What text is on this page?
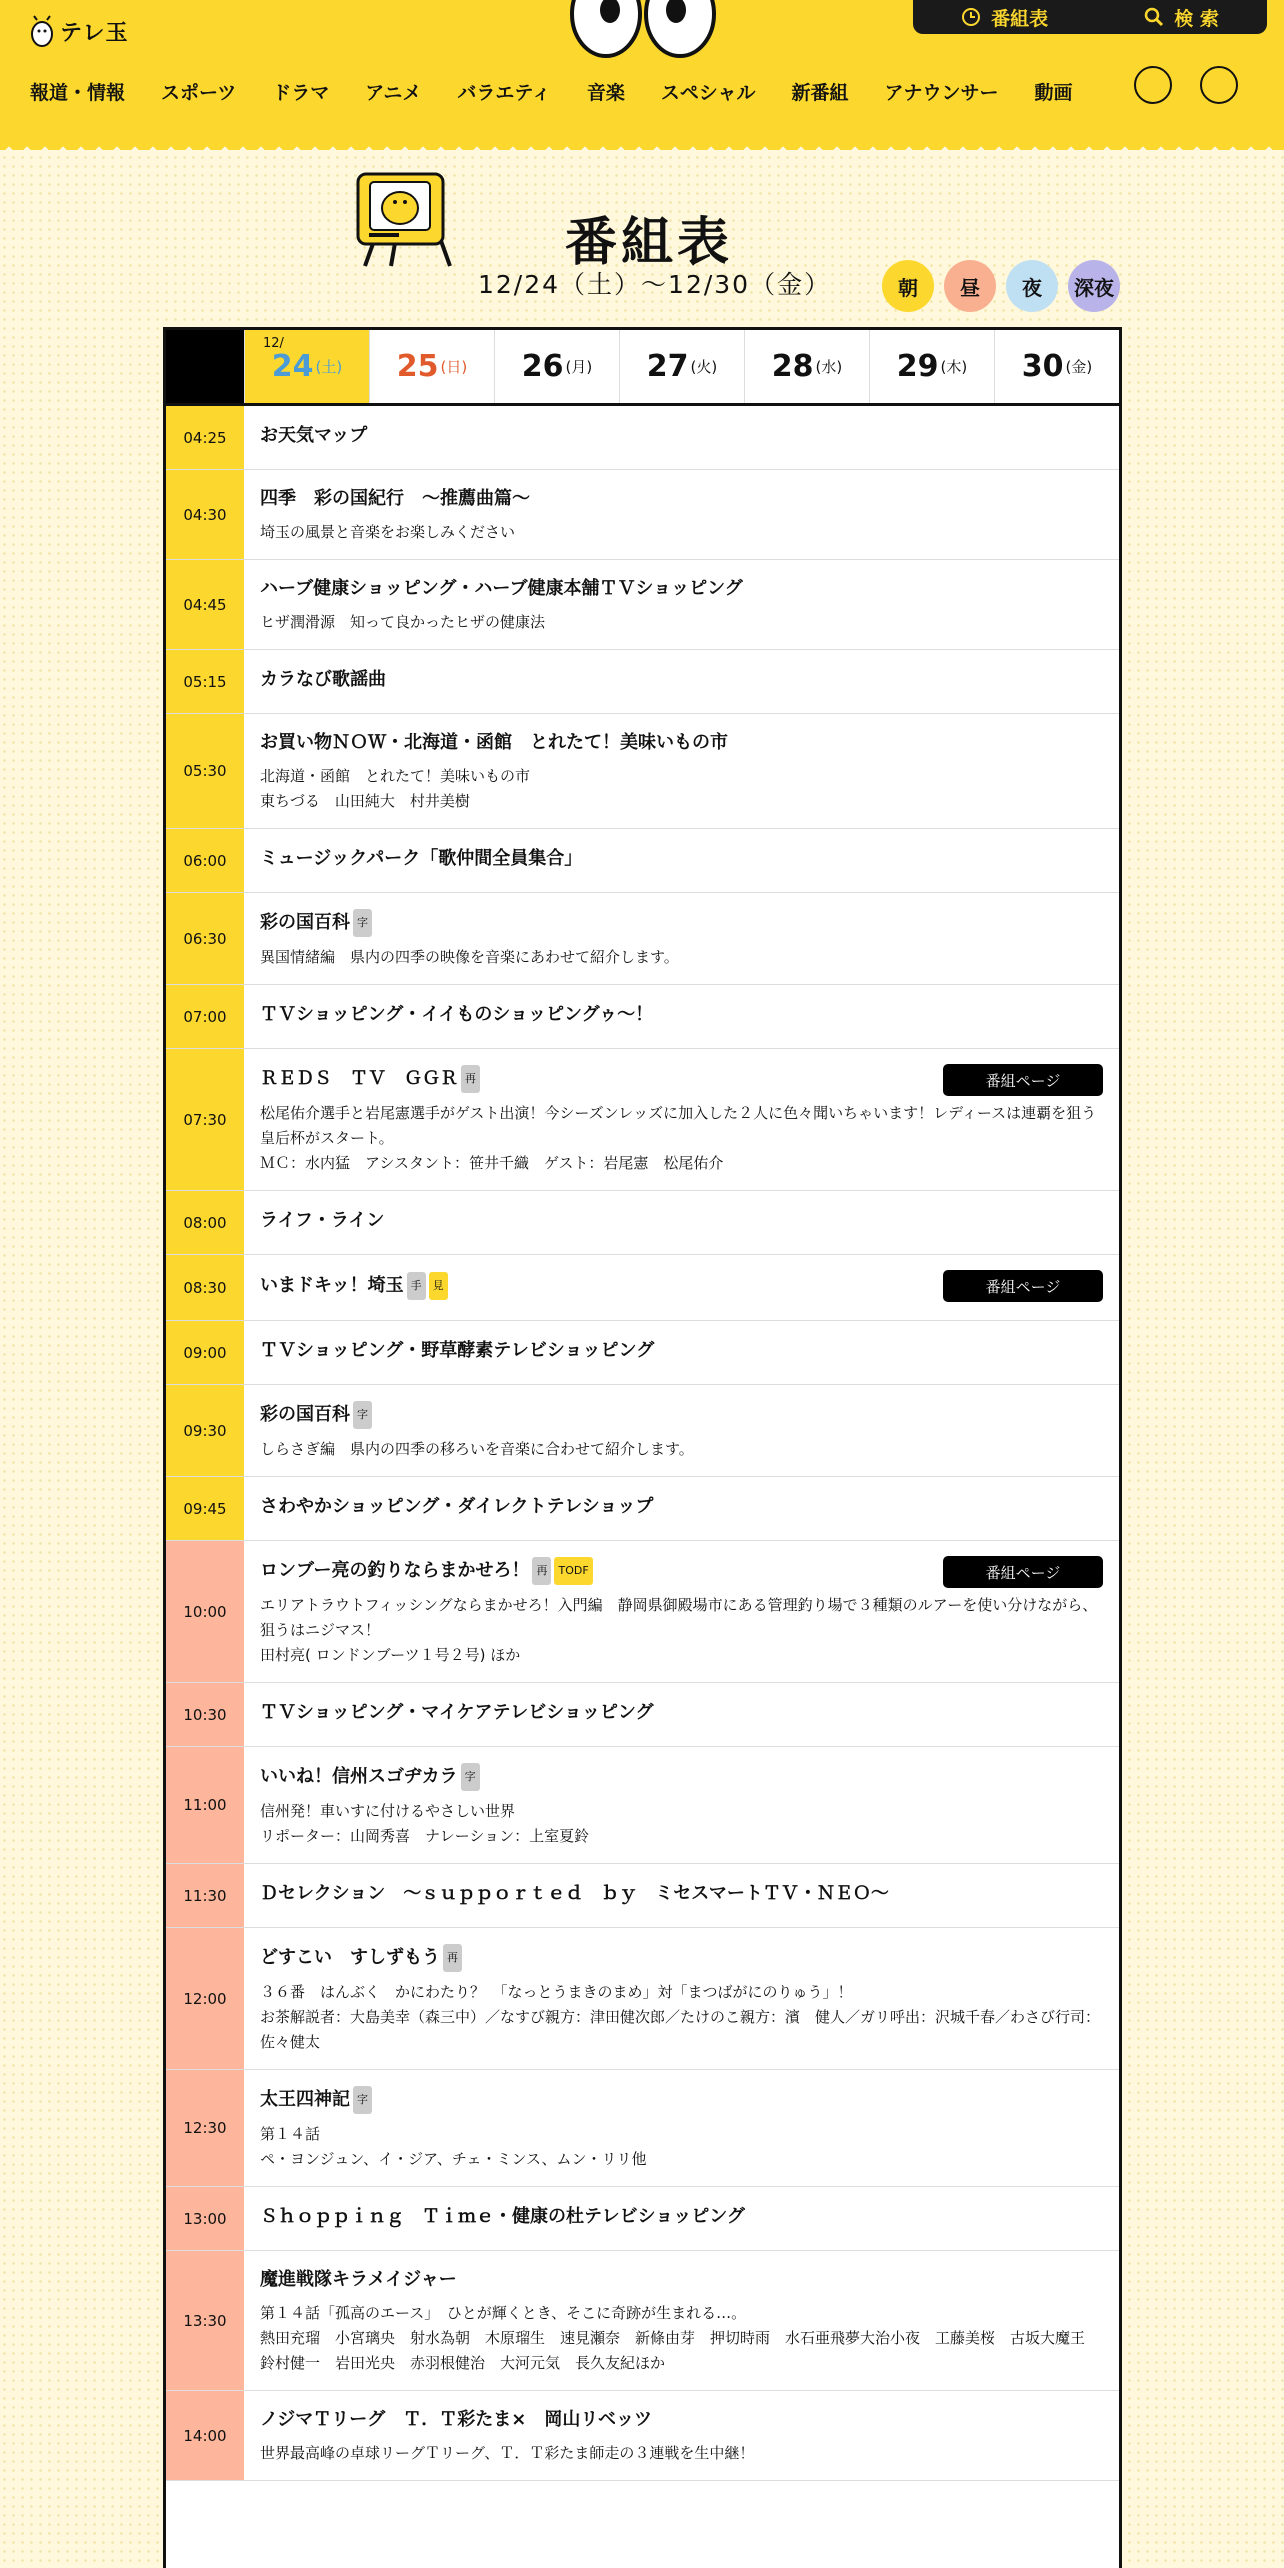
テレ玉
番組表	検 索
報道・情報 スポーツ ドラマ アニメ バラエティ 音楽 スペシャル 新番組 アナウンサー 動画
番組表
12/24（土）〜12/30（金）	朝	昼	夜	深夜
12/
24 (土) 25 (日) 26 (月) 27 (火) 28 (水) 29 (木) 30 (金)
04:25	お天気マップ
04:30
四季　彩の国紀行　～推薦曲篇～
埼玉の風景と音楽をお楽しみください
04:45
ハーブ健康ショッピング・ハーブ健康本舗ＴＶショッピング
ヒザ潤滑源　知って良かったヒザの健康法
05:15	カラなび歌謡曲
05:30
お買い物ＮＯＷ・北海道・函館　とれたて！美味いもの市
北海道・函館　とれたて！美味いもの市
東ちづる　山田純大　村井美樹
06:00	ミュージックパーク「歌仲間全員集合」
06:30
彩の国百科 字
異国情緒編　県内の四季の映像を音楽にあわせて紹介します。
07:00	ＴＶショッピング・イイものショッピングゥ～！
07:30
ＲＥＤＳ　ＴＶ　ＧＧＲ 再
松尾佑介選手と岩尾憲選手がゲスト出演！今シーズンレッズに加入した２人に色々聞いちゃいます！レディースは連覇を狙う皇后杯がスタート。
ＭＣ：水内猛　アシスタント：笹井千織　ゲスト：岩尾憲　松尾佑介
番組ページ
08:00	ライフ・ライン
08:30	いまドキッ！埼玉 手 見	番組ページ
09:00	ＴＶショッピング・野草酵素テレビショッピング
09:30
彩の国百科 字
しらさぎ編　県内の四季の移ろいを音楽に合わせて紹介します。
09:45	さわやかショッピング・ダイレクトテレショップ
10:00
ロンブー亮の釣りならまかせろ！ 再 TODF
エリアトラウトフィッシングならまかせろ！入門編　静岡県御殿場市にある管理釣り場で３種類のルアーを使い分けながら、狙うはニジマス！
田村亮( ロンドンブーツ１号２号) ほか
番組ページ
10:30	ＴＶショッピング・マイケアテレビショッピング
11:00
いいね！信州スゴヂカラ 字
信州発！車いすに付けるやさしい世界
リポーター：山岡秀喜　ナレーション：上室夏鈴
11:30	Ｄセレクション　～ｓｕｐｐｏｒｔｅｄ　ｂｙ　ミセスマートＴＶ・ＮＥＯ～
12:00
どすこい　すしずもう 再
３６番　はんぶく　かにわたり？　「なっとうまきのまめ」対「まつばがにのりゅう」！
お茶解説者：大島美幸（森三中）／なすび親方：津田健次郎／たけのこ親方：濱　健人／ガリ呼出：沢城千春／わさび行司：佐々健太
12:30
太王四神記 字
第１４話
ペ・ヨンジュン、イ・ジア、チェ・ミンス、ムン・リリ他
13:00	Ｓｈｏｐｐｉｎｇ　Ｔｉｍｅ・健康の杜テレビショッピング
13:30
魔進戦隊キラメイジャー
第１４話「孤高のエース」　ひとが輝くとき、そこに奇跡が生まれる…。
熱田充瑠　小宮璃央　射水為朝　木原瑠生　速見瀬奈　新條由芽　押切時雨　水石亜飛夢大治小夜　工藤美桜　古坂大魔王　鈴村健一　岩田光央　赤羽根健治　大河元気　長久友紀ほか
14:00
ノジマＴリーグ　Ｔ．Ｔ彩たま×　岡山リベッツ
世界最高峰の卓球リーグＴリーグ、Ｔ．Ｔ彩たま師走の３連戦を生中継！
